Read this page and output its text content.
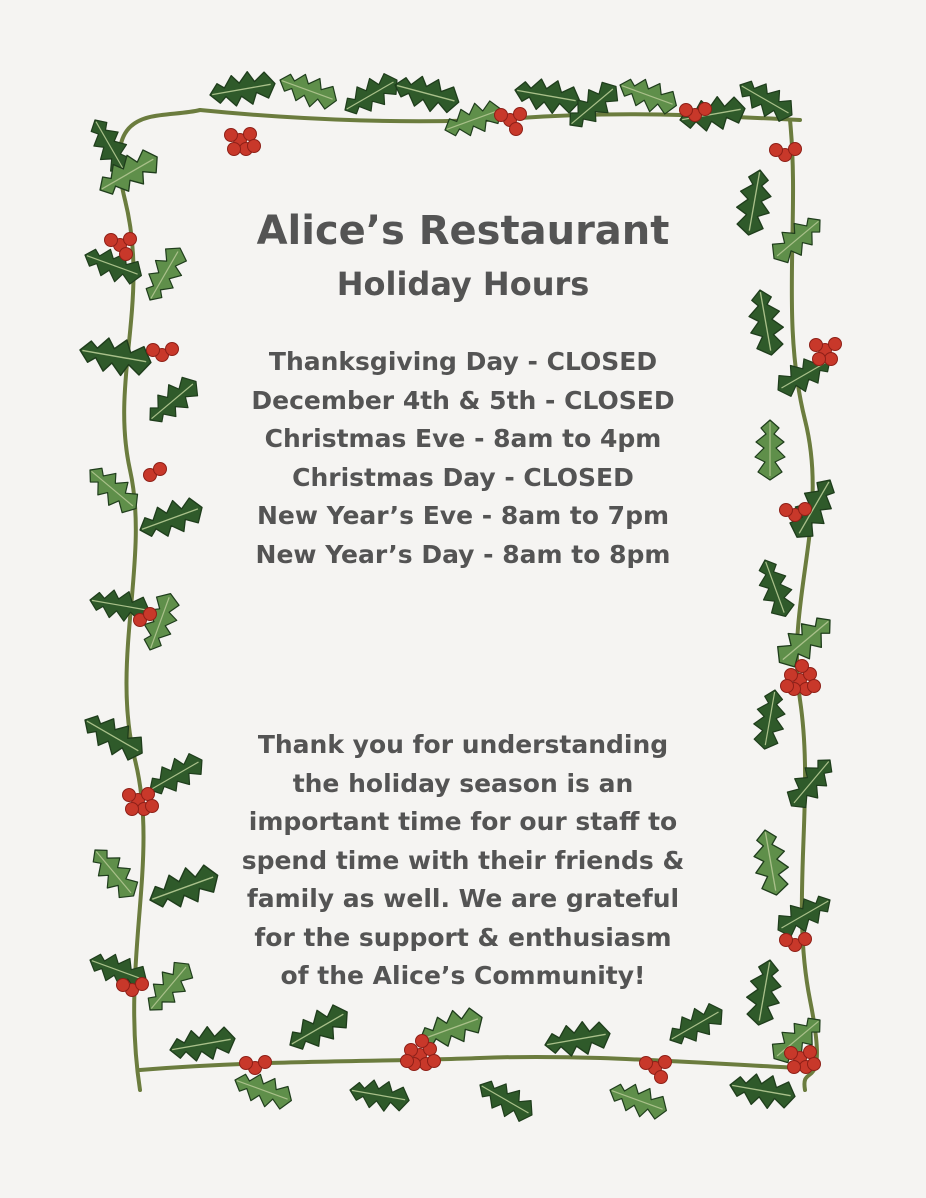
Alice’s Restaurant
Holiday Hours
Thanksgiving Day - CLOSED
December 4th & 5th - CLOSED
Christmas Eve - 8am to 4pm
Christmas Day - CLOSED
New Year’s Eve - 8am to 7pm
New Year’s Day - 8am to 8pm

Thank you for understanding
the holiday season is an
important time for our staff to
spend time with their friends &
family as well. We are grateful
for the support & enthusiasm
of the Alice’s Community!
